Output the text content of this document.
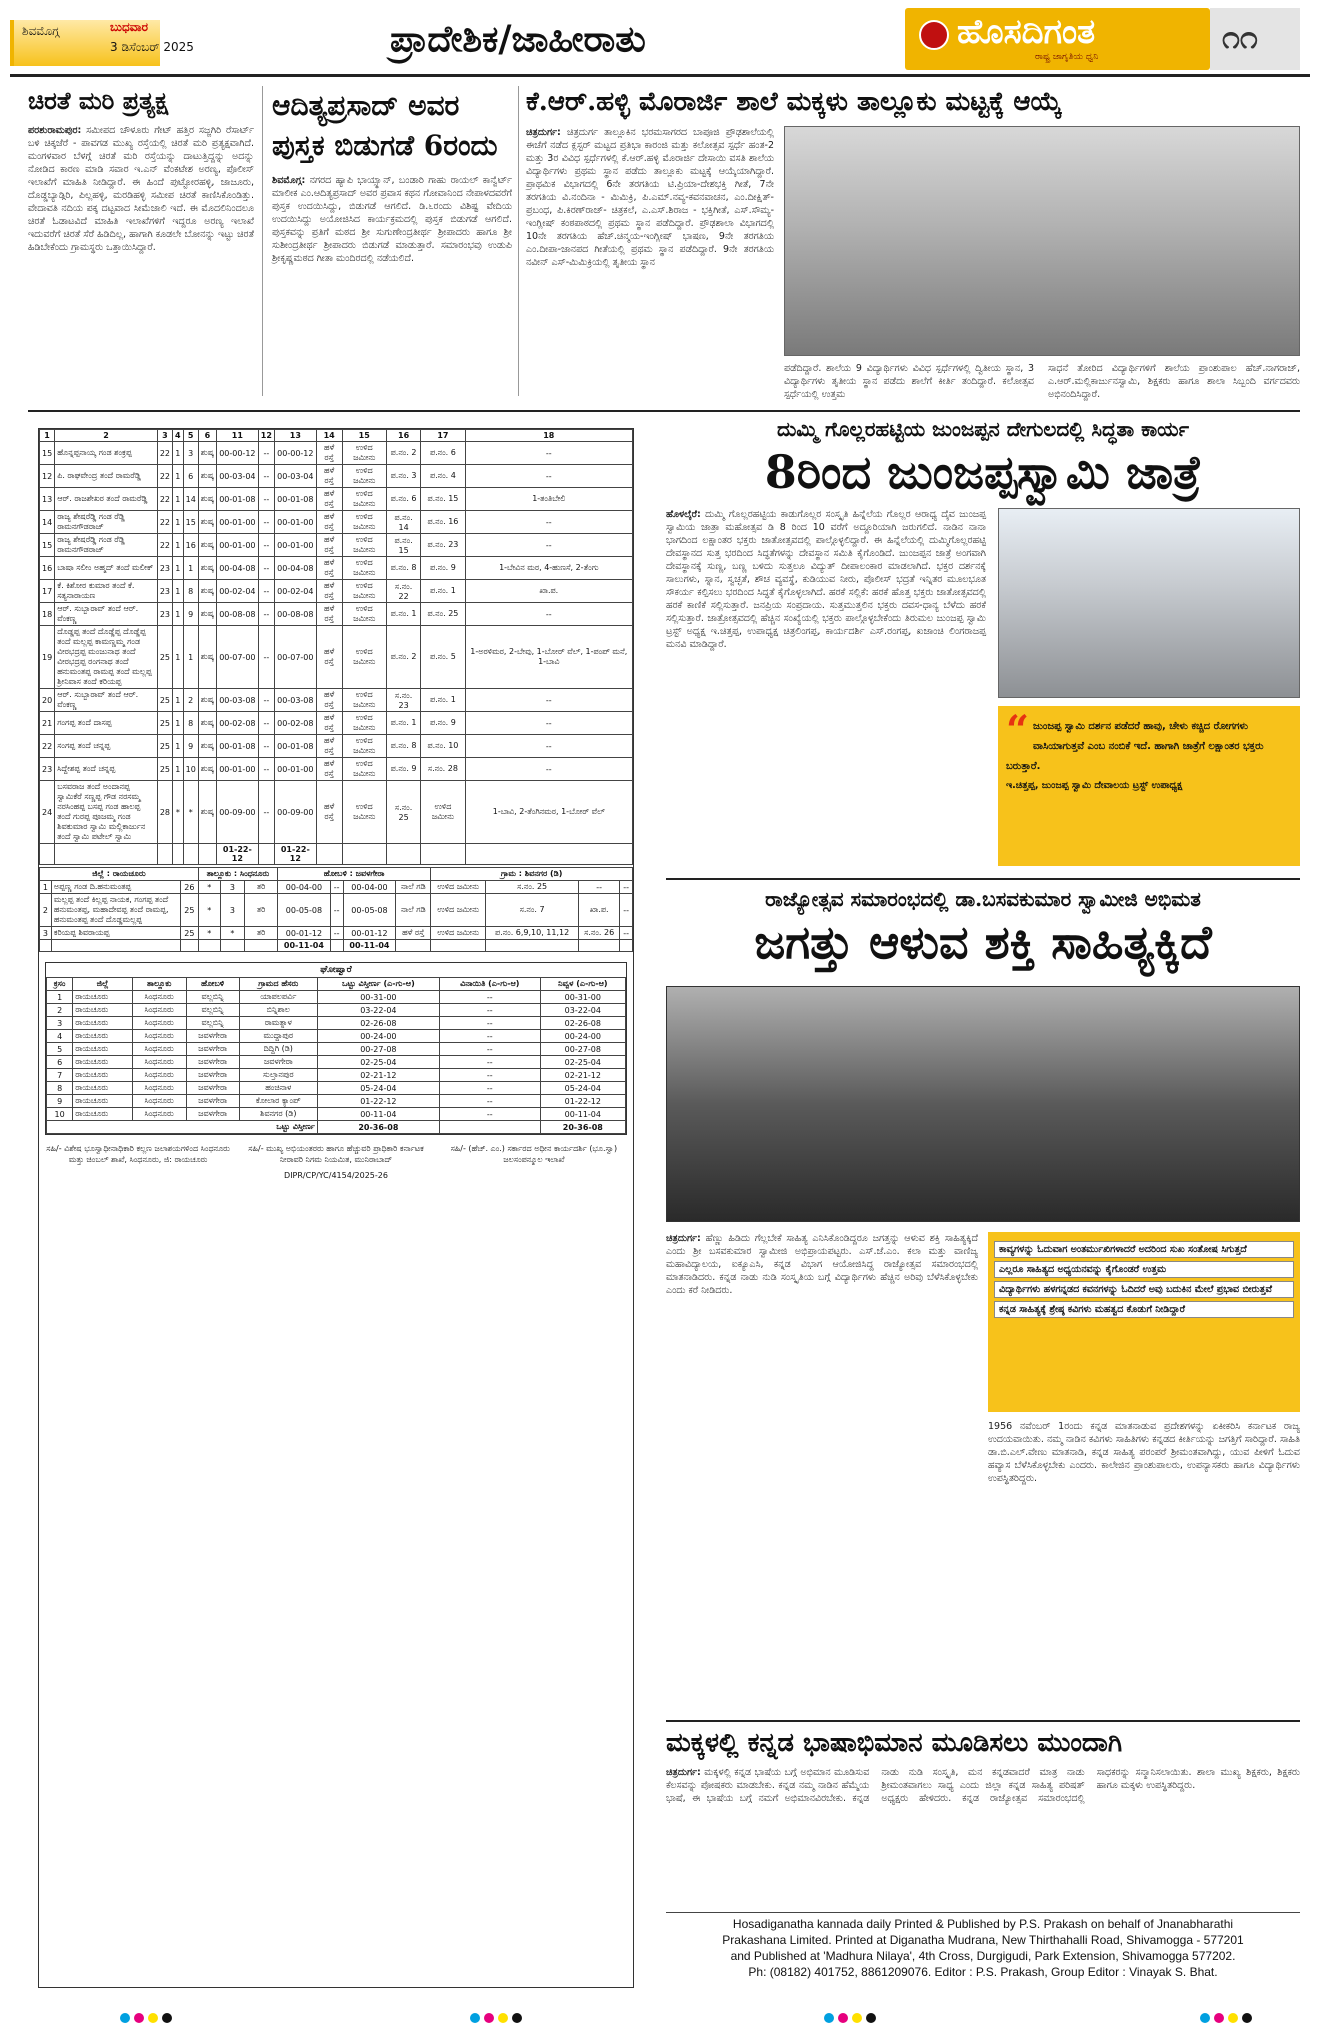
ಶಿವಮೊಗ್ಗ	ಬುಧವಾರ
3 ಡಿಸೆಂಬರ್ 2025	ಪ್ರಾದೇಶಿಕ/ಜಾಹೀರಾತು	ಹೊಸದಿಗಂತ
ರಾಷ್ಟ್ರ ಜಾಗೃತಿಯ ಧ್ವನಿ
೧೧
ಚಿರತೆ ಮರಿ ಪ್ರತ್ಯಕ್ಷ
ಪರಶುರಾಮಪುರ: ಸಮೀಪದ ಚೌಳೂರು ಗೇಟ್ ಹತ್ತಿರ ಸಜ್ಜಗಿರಿ ರೆಸಾರ್ಟ್ ಬಳಿ ಚಿಕ್ಕಜೆರೆ - ಪಾವಗಡ ಮುಖ್ಯ ರಸ್ತೆಯಲ್ಲಿ ಚಿರತೆ ಮರಿ ಪ್ರತ್ಯಕ್ಷವಾಗಿದೆ. ಮಂಗಳವಾರ ಬೆಳಗ್ಗೆ ಚಿರತೆ ಮರಿ ರಸ್ತೆಯನ್ನು ದಾಟುತ್ತಿದ್ದನ್ನು ಅದನ್ನು ನೋಡಿದ ಕಾರಣ ಮಾಡಿ ಸವಾರ ಇ.ಎನ್ ವೆಂಕಟೇಶ ಅರಣ್ಯ, ಪೊಲೀಸ್ ಇಲಾಖೆಗೆ ಮಾಹಿತಿ ನೀಡಿದ್ದಾರೆ. ಈ ಹಿಂದೆ ಪುಟ್ಟೋರಹಳ್ಳಿ, ಜಾಜೂರು, ದೊಡ್ಡಬ್ಯಾಡ್ಗಿರಿ, ಪಿಲ್ಲಹಳ್ಳಿ, ಮರಡಿಹಳ್ಳಿ ಸಮೀಪ ಚಿರತೆ ಕಾಣಿಸಿಕೊಂಡಿತ್ತು. ವೇದಾವತಿ ನದಿಯ ಪಕ್ಕ ದಟ್ಟವಾದ ಸೀಮೆಜಾಲಿ ಇದೆ. ಈ ಮೊದಲಿನಿಂದಲೂ ಚಿರತೆ ಓಡಾಟವಿದೆ ಮಾಹಿತಿ ಇಲಾಖೆಗಳಿಗೆ ಇದ್ದರೂ ಅರಣ್ಯ ಇಲಾಖೆ ಇದುವರೆಗೆ ಚಿರತೆ ಸೆರೆ ಹಿಡಿದಿಲ್ಲ, ಹಾಗಾಗಿ ಕೂಡಲೇ ಬೋನನ್ನು ಇಟ್ಟು ಚಿರತೆ ಹಿಡಿಬೇಕೆಂದು ಗ್ರಾಮಸ್ಥರು ಒತ್ತಾಯಿಸಿದ್ದಾರೆ.
ಆದಿತ್ಯಪ್ರಸಾದ್ ಅವರ ಪುಸ್ತಕ ಬಿಡುಗಡೆ 6ರಂದು
ಶಿವಮೊಗ್ಗ: ನಗರದ ಹ್ಯಾಪಿ ಭಾಯ್ಸ್ಥಾನ್, ಬಂಡಾರಿ ಗಾಹು ರಾಯಲ್ ಕಾನ್ವೆರ್ಟ್ ಮಾಲೀಕ ಎಂ.ಆದಿತ್ಯಪ್ರಸಾದ್ ಅವರ ಪ್ರವಾಸ ಕಥನ ಗೋವಾನಿಂದ ನೇಪಾಳದವರೆಗೆ ಪುಸ್ತಕ ಉದಯಿಸಿದ್ದು, ಬಿಡುಗಡೆ ಆಗಲಿದೆ. ಡಿ.೬ರಂದು ವಿಶಿಷ್ಟ ವೇದಿಯ ಉದಯಿಸಿದ್ದು ಅಯೋಜಿಸಿದ ಕಾರ್ಯಕ್ರಮದಲ್ಲಿ ಪುಸ್ತಕ ಬಿಡುಗಡೆ ಆಗಲಿದೆ. ಪುಸ್ತಕವನ್ನು ಪ್ರತಿಗೆ ಮಠದ ಶ್ರೀ ಸುಗುಣೇಂದ್ರತೀರ್ಥ ಶ್ರೀಪಾದರು ಹಾಗೂ ಶ್ರೀ ಸುಶೀಂದ್ರತೀರ್ಥ ಶ್ರೀಪಾದರು ಬಿಡುಗಡೆ ಮಾಡುತ್ತಾರೆ. ಸಮಾರಂಭವು ಉಡುಪಿ ಶ್ರೀಕೃಷ್ಣಮಠದ ಗೀತಾ ಮಂದಿರದಲ್ಲಿ ನಡೆಯಲಿದೆ.
ಕೆ.ಆರ್.ಹಳ್ಳಿ ಮೊರಾರ್ಜಿ ಶಾಲೆ ಮಕ್ಕಳು ತಾಲ್ಲೂಕು ಮಟ್ಟಕ್ಕೆ ಆಯ್ಕೆ
ಚಿತ್ರದುರ್ಗ: ಚಿತ್ರದುರ್ಗ ತಾಲ್ಲೂಕಿನ ಭರಮಸಾಗರದ ಬಾಪೂಜಿ ಪ್ರೌಢಶಾಲೆಯಲ್ಲಿ ಈಚೆಗೆ ನಡೆದ ಕ್ಲಸ್ಟರ್ ಮಟ್ಟದ ಪ್ರತಿಭಾ ಕಾರಂಜಿ ಮತ್ತು ಕಲೋತ್ಸವ ಸ್ಪರ್ಧೆ ಹಂತ-2 ಮತ್ತು 3ರ ವಿವಿಧ ಸ್ಪರ್ಧೆಗಳಲ್ಲಿ ಕೆ.ಆರ್.ಹಳ್ಳಿ ಮೊರಾರ್ಜಿ ದೇಸಾಯಿ ವಸತಿ ಶಾಲೆಯ ವಿದ್ಯಾರ್ಥಿಗಳು ಪ್ರಥಮ ಸ್ಥಾನ ಪಡೆದು ತಾಲ್ಲೂಕು ಮಟ್ಟಕ್ಕೆ ಆಯ್ಕೆಯಾಗಿದ್ದಾರೆ. ಪ್ರಾಥಮಿಕ ವಿಭಾಗದಲ್ಲಿ 6ನೇ ತರಗತಿಯ ಟಿ.ಪ್ರಿಯಾ-ದೇಶಭಕ್ತಿ ಗೀತೆ, 7ನೇ ತರಗತಿಯ ವಿ.ನಂದಿನಾ - ಮಿಮಿಕ್ರಿ, ಪಿ.ಎಮ್.ನವ್ಯ-ಕವನವಾಚನ, ಎಂ.ದೀಕ್ಷಿತ್- ಪ್ರಬಂಧ, ಪಿ.ಕಿರಣ್‌ರಾಜ್- ಚಿತ್ರಕಲೆ, ಎ.ಎಸ್.ಶಿರಾಜ - ಭಕ್ತಿಗೀತೆ, ಎಸ್.ಸೌಮ್ಯ- ಇಂಗ್ಲೀಷ್ ಕಂಠಪಾಠದಲ್ಲಿ ಪ್ರಥಮ ಸ್ಥಾನ ಪಡೆದಿದ್ದಾರೆ. ಪ್ರೌಢಶಾಲಾ ವಿಭಾಗದಲ್ಲಿ 10ನೇ ತರಗತಿಯ ಹೆಚ್.ಚಿನ್ಮಯ-ಇಂಗ್ಲೀಷ್ ಭಾಷಣ, 9ನೇ ತರಗತಿಯ ಎಂ.ದೀಪಾ-ಜಾನಪದ ಗೀತೆಯಲ್ಲಿ ಪ್ರಥಮ ಸ್ಥಾನ ಪಡೆದಿದ್ದಾರೆ. 9ನೇ ತರಗತಿಯ ನವೀನ್ ಎಸ್-ಮಿಮಿಕ್ರಿಯಲ್ಲಿ ತೃತೀಯ ಸ್ಥಾನ
ಪಡೆದಿದ್ದಾರೆ. ಶಾಲೆಯ 9 ವಿದ್ಯಾರ್ಥಿಗಳು ವಿವಿಧ ಸ್ಪರ್ಧೆಗಳಲ್ಲಿ ದ್ವಿತೀಯ ಸ್ಥಾನ, 3 ವಿದ್ಯಾರ್ಥಿಗಳು ತೃತೀಯ ಸ್ಥಾನ ಪಡೆದು ಶಾಲೆಗೆ ಕೀರ್ತಿ ತಂದಿದ್ದಾರೆ. ಕಲೋತ್ಸವ ಸ್ಪರ್ಧೆಯಲ್ಲಿ ಉತ್ತಮ
ಸಾಧನೆ ತೋರಿದ ವಿದ್ಯಾರ್ಥಿಗಳಿಗೆ ಶಾಲೆಯ ಪ್ರಾಂಶುಪಾಲ ಹೆಚ್.ನಾಗರಾಜ್, ಎ.ಆರ್.ಮಲ್ಲಿಕಾರ್ಜುನಸ್ವಾಮಿ, ಶಿಕ್ಷಕರು ಹಾಗೂ ಶಾಲಾ ಸಿಬ್ಬಂದಿ ವರ್ಗದವರು ಅಭಿನಂದಿಸಿದ್ದಾರೆ.
1	2	3	4	5	6	11	12	13	14	15	16	17	18
15	ಹೊನ್ನಪ್ಪನಾಯ್ಕ ಗಂಡ ಶಂಕ್ರಪ್ಪ	22	1	3	ಶುಷ್ಕ	00-00-12	--	00-00-12	ಹಳೆ ರಸ್ತೆ	ಉಳಿದ ಜಮೀನು	ಪ.ನಂ. 2	ಪ.ನಂ. 6	--
12	ಪಿ. ರಾಘವೇಂದ್ರ ತಂದೆ ರಾಮರೆಡ್ಡಿ	22	1	6	ಶುಷ್ಕ	00-03-04	--	00-03-04	ಹಳೆ ರಸ್ತೆ	ಉಳಿದ ಜಮೀನು	ಪ.ನಂ. 3	ಪ.ನಂ. 4	--
13	ಆರ್. ರಾಜಶೇಖರ ತಂದೆ ರಾಮರೆಡ್ಡಿ	22	1	14	ಶುಷ್ಕ	00-01-08	--	00-01-08	ಹಳೆ ರಸ್ತೆ	ಉಳಿದ ಜಮೀನು	ಪ.ನಂ. 6	ಪ.ನಂ. 15	1-ತಂತಿಬೇಲಿ
14	ರಾಜ್ಯ ಶೇಷರೆಡ್ಡಿ ಗಂಡ ರೆಡ್ಡಿ ರಾಮನಗೌಡರಾಜ್	22	1	15	ಶುಷ್ಕ	00-01-00	--	00-01-00	ಹಳೆ ರಸ್ತೆ	ಉಳಿದ ಜಮೀನು	ಪ.ನಂ. 14	ಪ.ನಂ. 16	--
15	ರಾಜ್ಯ ಶೇಷರೆಡ್ಡಿ ಗಂಡ ರೆಡ್ಡಿ ರಾಮನಗೌಡರಾಜ್	22	1	16	ಶುಷ್ಕ	00-01-00	--	00-01-00	ಹಳೆ ರಸ್ತೆ	ಉಳಿದ ಜಮೀನು	ಪ.ನಂ. 15	ಪ.ನಂ. 23	--
16	ಬಾಷಾ ಸಲೀಂ ಅಹ್ಮದ್ ತಂದೆ ಮಲೀಕ್	23	1	1	ಶುಷ್ಕ	00-04-08	--	00-04-08	ಹಳೆ ರಸ್ತೆ	ಉಳಿದ ಜಮೀನು	ಪ.ನಂ. 8	ಪ.ನಂ. 9	1-ಬೇವಿನ ಮರ, 4-ಹುಣಸೆ, 2-ತೆಂಗು
17	ಕೆ. ಕಿಶೋರ ಕುಮಾರ ತಂದೆ ಕೆ. ಸತ್ಯನಾರಾಯಣ	23	1	8	ಶುಷ್ಕ	00-02-04	--	00-02-04	ಹಳೆ ರಸ್ತೆ	ಉಳಿದ ಜಮೀನು	ಸ.ನಂ. 22	ಪ.ನಂ. 1	ಖಾ.ಪ.
18	ಆರ್. ಸುಬ್ಬಾರಾವ್ ತಂದೆ ಆರ್. ವೆಂಕಣ್ಣ	23	1	9	ಶುಷ್ಕ	00-08-08	--	00-08-08	ಹಳೆ ರಸ್ತೆ	ಉಳಿದ ಜಮೀನು	ಪ.ನಂ. 1	ಪ.ನಂ. 25	--
19	ದೊಡ್ಡಪ್ಪ ತಂದೆ ದೊಡ್ಡೆಪ್ಪ ದೊಡ್ಡೆಪ್ಪ ತಂದೆ ಮಲ್ಲಪ್ಪ ಕಾಮಣ್ಣಮ್ಮ ಗಂಡ ವೀರಭದ್ರಪ್ಪ ಮಂಜುನಾಥ ತಂದೆ ವೀರಭದ್ರಪ್ಪ ರಂಗನಾಥ ತಂದೆ ಹನುಮಂತಪ್ಪ ರಾಮಪ್ಪ ತಂದೆ ಮಲ್ಲಪ್ಪ ಶ್ರೀನಿವಾಸ ತಂದೆ ಕರಿಯಪ್ಪ	25	1	1	ಶುಷ್ಕ	00-07-00	--	00-07-00	ಹಳೆ ರಸ್ತೆ	ಉಳಿದ ಜಮೀನು	ಪ.ನಂ. 2	ಪ.ನಂ. 5	1-ಅರಳಿಮರ, 2-ಬೇವು, 1-ಬೋರ್ ವೆಲ್, 1-ಪಂಪ್ ಮನೆ, 1-ಬಾವಿ
20	ಆರ್. ಸುಬ್ಬಾರಾವ್ ತಂದೆ ಆರ್. ವೆಂಕಣ್ಣ	25	1	2	ಶುಷ್ಕ	00-03-08	--	00-03-08	ಹಳೆ ರಸ್ತೆ	ಉಳಿದ ಜಮೀನು	ಸ.ನಂ. 23	ಪ.ನಂ. 1	--
21	ಗಂಗಪ್ಪ ತಂದೆ ದಾಸಪ್ಪ	25	1	8	ಶುಷ್ಕ	00-02-08	--	00-02-08	ಹಳೆ ರಸ್ತೆ	ಉಳಿದ ಜಮೀನು	ಪ.ನಂ. 1	ಪ.ನಂ. 9	--
22	ಸಂಗಪ್ಪ ತಂದೆ ಚನ್ನಪ್ಪ	25	1	9	ಶುಷ್ಕ	00-01-08	--	00-01-08	ಹಳೆ ರಸ್ತೆ	ಉಳಿದ ಜಮೀನು	ಪ.ನಂ. 8	ಪ.ನಂ. 10	--
23	ಸಿದ್ದೇಶಪ್ಪ ತಂದೆ ಚನ್ನಪ್ಪ	25	1	10	ಶುಷ್ಕ	00-01-00	--	00-01-00	ಹಳೆ ರಸ್ತೆ	ಉಳಿದ ಜಮೀನು	ಪ.ನಂ. 9	ಸ.ನಂ. 28	--
24	ಬಸವರಾಜ ತಂದೆ ಅಂದಾನಪ್ಪ ಸ್ವಾಮಿಕೆರೆ ಸಣ್ಣಪ್ಪ ಗೌಡ ನರಸಮ್ಮ ನರಸಿಂಹಪ್ಪ ಬಸಪ್ಪ ಗಂಡ ಹಾಲಪ್ಪ ತಂದೆ ಗುರಪ್ಪ ಪೂಜಮ್ಮ ಗಂಡ ಶಿವಕುಮಾರ ಸ್ವಾಮಿ ಮಲ್ಲಿಕಾರ್ಜುನ ತಂದೆ ಸ್ವಾಮಿ ಪಟೇಲ್ ಸ್ವಾಮಿ	28	*	*	ಶುಷ್ಕ	00-09-00	--	00-09-00	ಹಳೆ ರಸ್ತೆ	ಉಳಿದ ಜಮೀನು	ಸ.ನಂ. 25	ಉಳಿದ ಜಮೀನು	1-ಬಾವಿ, 2-ತೆಂಗಿನಮರ, 1-ಬೋರ್ ವೆಲ್
						01-22-12		01-22-12					
ಜಿಲ್ಲೆ : ರಾಯಚೂರು			ತಾಲ್ಲೂಕು : ಸಿಂಧನೂರು			ಹೋಬಳಿ : ಜವಳಗೇರಾ				ಗ್ರಾಮ : ಶಿವನಗರ (ಡಿ)			
1	ಅಪ್ಪಣ್ಣ ಗಂಡ ದಿ.ಹನುಮಂತಪ್ಪ	26	*	3	ತರಿ	00-04-00	--	00-04-00	ನಾಲೆ ಗಡಿ	ಉಳಿದ ಜಮೀನು	ಸ.ನಂ. 25	--	--
2	ಮಲ್ಲಪ್ಪ ತಂದೆ ಕಿಲ್ಲಪ್ಪ ನಾಯಕ, ಗಂಗಪ್ಪ ತಂದೆ ಹನುಮಂತಪ್ಪ, ಮಹಾದೇವಪ್ಪ ತಂದೆ ರಾಮಪ್ಪ, ಹನುಮಂತಪ್ಪ ತಂದೆ ದೊಡ್ಡಮಲ್ಲಪ್ಪ	25	*	3	ತರಿ	00-05-08	--	00-05-08	ನಾಲೆ ಗಡಿ	ಉಳಿದ ಜಮೀನು	ಸ.ನಂ. 7	ಖಾ.ಪ.	--
3	ಕರಿಯಪ್ಪ ಶಿವರಾಯಪ್ಪ	25	*	*	ತರಿ	00-01-12	--	00-01-12	ಹಳೆ ರಸ್ತೆ	ಉಳಿದ ಜಮೀನು	ಪ.ನಂ. 6,9,10, 11,12	ಸ.ನಂ. 26	--
						00-11-04		00-11-04					
ಘೋಷ್ವಾರೆ
ಕ್ರಸಂ	ಜಿಲ್ಲೆ	ತಾಲ್ಲೂಕು	ಹೋಬಳಿ	ಗ್ರಾಮದ ಹೆಸರು	ಒಟ್ಟು ವಿಸ್ತೀರ್ಣ (ಎ-ಗು-ಆ)	ವಿನಾಯಿತಿ (ಎ-ಗು-ಆ)	ನಿವ್ವಳ (ಎ-ಗು-ಆ)
1	ರಾಯಚೂರು	ಸಿಂಧನೂರು	ವಲ್ಲಬಿನ್ನಿ	ಯಾಪಲಪರ್ವಿ	00-31-00	--	00-31-00
2	ರಾಯಚೂರು	ಸಿಂಧನೂರು	ವಲ್ಲಬಿನ್ನಿ	ಬಿನ್ನಿಶಾಲ	03-22-04	--	03-22-04
3	ರಾಯಚೂರು	ಸಿಂಧನೂರು	ವಲ್ಲಬಿನ್ನಿ	ರಾಮತ್ನಾಳ	02-26-08	--	02-26-08
4	ರಾಯಚೂರು	ಸಿಂಧನೂರು	ಜವಳಗೇರಾ	ಮುದ್ದಾಪುರ	00-24-00	--	00-24-00
5	ರಾಯಚೂರು	ಸಿಂಧನೂರು	ಜವಳಗೇರಾ	ದಿದ್ದಿಗಿ (ಡಿ)	00-27-08	--	00-27-08
6	ರಾಯಚೂರು	ಸಿಂಧನೂರು	ಜವಳಗೇರಾ	ಜವಳಗೇರಾ	02-25-04	--	02-25-04
7	ರಾಯಚೂರು	ಸಿಂಧನೂರು	ಜವಳಗೇರಾ	ಸುಲ್ತಾನಪುರ	02-21-12	--	02-21-12
8	ರಾಯಚೂರು	ಸಿಂಧನೂರು	ಜವಳಗೇರಾ	ಹಂಚಿನಾಳ	05-24-04	--	05-24-04
9	ರಾಯಚೂರು	ಸಿಂಧನೂರು	ಜವಳಗೇರಾ	ಕೋಲಾರ ಕ್ಯಾಂಪ್	01-22-12	--	01-22-12
10	ರಾಯಚೂರು	ಸಿಂಧನೂರು	ಜವಳಗೇರಾ	ಶಿವನಗರ (ಡಿ)	00-11-04	--	00-11-04
ಒಟ್ಟು ವಿಸ್ತೀರ್ಣ					20-36-08		20-36-08
ಸಹಿ/- ವಿಶೇಷ ಭೂಸ್ವಾಧೀನಾಧಿಕಾರಿ ಕಲ್ಲಣ ಜಲಾಶಯಗಳಿಂದ ಸಿಂಧನೂರು ಮತ್ತು ಚಿಂಬಲ್ ಶಾಖೆ, ಸಿಂಧನೂರು, ಜಿ: ರಾಯಚೂರು
ಸಹಿ/- ಮುಖ್ಯ ಅಭಿಯಂತರರು ಹಾಗೂ ಹೆಚ್ಚುವರಿ ಪ್ರಾಧಿಕಾರಿ ಕರ್ನಾಟಕ ನೀರಾವರಿ ನಿಗಮ ನಿಯಮಿತ, ಮುನಿರಾಬಾದ್
ಸಹಿ/- (ಹೆಚ್. ಎಂ.) ಸರ್ಕಾರದ ಅಧೀನ ಕಾರ್ಯದರ್ಶಿ (ಭೂ.ಸ್ವಾ) ಜಲಸಂಪನ್ಮೂಲ ಇಲಾಖೆ
DIPR/CP/YC/4154/2025-26
ದುಮ್ಮಿ ಗೊಲ್ಲರಹಟ್ಟಿಯ ಜುಂಜಪ್ಪನ ದೇಗುಲದಲ್ಲಿ ಸಿದ್ಧತಾ ಕಾರ್ಯ
8ರಿಂದ ಜುಂಜಪ್ಪಸ್ವಾಮಿ ಜಾತ್ರೆ
ಹೊಳಲ್ಕೆರೆ: ದುಮ್ಮಿ ಗೊಲ್ಲರಹಟ್ಟಿಯ ಕಾಡುಗೊಲ್ಲರ ಸಂಸ್ಕೃತಿ ಹಿನ್ನೆಲೆಯ ಗೊಲ್ಲರ ಆರಾಧ್ಯ ದೈವ ಜುಂಜಪ್ಪ ಸ್ವಾಮಿಯ ಜಾತ್ರಾ ಮಹೋತ್ಸವ ಡಿ 8 ರಿಂದ 10 ವರೆಗೆ ಅದ್ದೂರಿಯಾಗಿ ಜರುಗಲಿದೆ. ನಾಡಿನ ನಾನಾ ಭಾಗದಿಂದ ಲಕ್ಷಾಂತರ ಭಕ್ತರು ಜಾತೋತ್ಸವದಲ್ಲಿ ಪಾಲ್ಗೊಳ್ಳಲಿದ್ದಾರೆ. ಈ ಹಿನ್ನೆಲೆಯಲ್ಲಿ ದುಮ್ಮಿಗೊಲ್ಲರಹಟ್ಟಿ ದೇವಸ್ಥಾನದ ಸುತ್ತ ಭರದಿಂದ ಸಿದ್ಧತೆಗಳನ್ನು ದೇವಸ್ಥಾನ ಸಮಿತಿ ಕೈಗೊಂಡಿದೆ. ಜುಂಜಪ್ಪನ ಜಾತ್ರೆ ಅಂಗವಾಗಿ ದೇವಸ್ಥಾನಕ್ಕೆ ಸುಣ್ಣ, ಬಣ್ಣ ಬಳಿದು ಸುತ್ತಲೂ ವಿದ್ಯುತ್ ದೀಪಾಲಂಕಾರ ಮಾಡಲಾಗಿದೆ. ಭಕ್ತರ ದರ್ಶನಕ್ಕೆ ಸಾಲುಗಳು, ಸ್ನಾನ, ಸ್ವಚ್ಛತೆ, ಶೌಚ ವ್ಯವಸ್ಥೆ, ಕುಡಿಯುವ ನೀರು, ಪೊಲೀಸ್ ಭದ್ರತೆ ಇನ್ನಿತರ ಮೂಲಭೂತ ಸೌಕರ್ಯ ಕಲ್ಪಿಸಲು ಭರದಿಂದ ಸಿದ್ಧತೆ ಕೈಗೊಳ್ಳಲಾಗಿದೆ. ಹರಕೆ ಸಲ್ಲಿಕೆ: ಹರಕೆ ಹೊತ್ತ ಭಕ್ತರು ಜಾತೋತ್ಸವದಲ್ಲಿ ಹರಕೆ ಕಾಣಿಕೆ ಸಲ್ಲಿಸುತ್ತಾರೆ. ಜನಪ್ರಿಯ ಸಂಪ್ರದಾಯ. ಸುತ್ತಮುತ್ತಲಿನ ಭಕ್ತರು ದವಸ-ಧಾನ್ಯ ಬೆಳೆದು ಹರಕೆ ಸಲ್ಲಿಸುತ್ತಾರೆ. ಜಾತ್ರೋತ್ಸವದಲ್ಲಿ ಹೆಚ್ಚಿನ ಸಂಖ್ಯೆಯಲ್ಲಿ ಭಕ್ತರು ಪಾಲ್ಗೊಳ್ಳಬೇಕೆಂದು ತಿರುಮಲ ಜುಂಜಪ್ಪ ಸ್ವಾಮಿ ಟ್ರಸ್ಟ್ ಅಧ್ಯಕ್ಷ ಇ.ಚಿತ್ತಪ್ಪ, ಉಪಾಧ್ಯಕ್ಷ ಚಿತ್ರಲಿಂಗಪ್ಪ, ಕಾರ್ಯದರ್ಶಿ ಎಸ್.ರಂಗಪ್ಪ, ಖಜಾಂಚಿ ಲಿಂಗರಾಜಪ್ಪ ಮನವಿ ಮಾಡಿದ್ದಾರೆ.
“ ಜುಂಜಪ್ಪ ಸ್ವಾಮಿ ದರ್ಶನ ಪಡೆದರೆ ಹಾವು, ಚೇಳು ಕಚ್ಚಿದ ರೋಗಗಳು ವಾಸಿಯಾಗುತ್ತವೆ ಎಂಬ ನಂಬಿಕೆ ಇದೆ. ಹಾಗಾಗಿ ಜಾತ್ರೆಗೆ ಲಕ್ಷಾಂತರ ಭಕ್ತರು ಬರುತ್ತಾರೆ.
ಇ.ಚಿತ್ತಪ್ಪ, ಜುಂಜಪ್ಪ ಸ್ವಾಮಿ ದೇವಾಲಯ ಟ್ರಸ್ಟ್ ಉಪಾಧ್ಯಕ್ಷ
ರಾಜ್ಯೋತ್ಸವ ಸಮಾರಂಭದಲ್ಲಿ ಡಾ.ಬಸವಕುಮಾರ ಸ್ವಾಮೀಜಿ ಅಭಿಮತ
ಜಗತ್ತು ಆಳುವ ಶಕ್ತಿ ಸಾಹಿತ್ಯಕ್ಕಿದೆ
ಚಿತ್ರದುರ್ಗ: ಹೆಣ್ಣು ಹಿಡಿದು ಗೆಲ್ಲಬೇಕೆ ಸಾಹಿತ್ಯ ಎನಿಸಿಕೊಂಡಿದ್ದರೂ ಜಗತ್ತನ್ನು ಆಳುವ ಶಕ್ತಿ ಸಾಹಿತ್ಯಕ್ಕಿದೆ ಎಂದು ಶ್ರೀ ಬಸವಕುಮಾರ ಸ್ವಾಮೀಜಿ ಅಭಿಪ್ರಾಯಪಟ್ಟರು. ಎಸ್.ಜೆ.ಎಂ. ಕಲಾ ಮತ್ತು ವಾಣಿಜ್ಯ ಮಹಾವಿದ್ಯಾಲಯ, ಐಕ್ಯೂಎಸಿ, ಕನ್ನಡ ವಿಭಾಗ ಆಯೋಜಿಸಿದ್ದ ರಾಜ್ಯೋತ್ಸವ ಸಮಾರಂಭದಲ್ಲಿ ಮಾತನಾಡಿದರು. ಕನ್ನಡ ನಾಡು ನುಡಿ ಸಂಸ್ಕೃತಿಯ ಬಗ್ಗೆ ವಿದ್ಯಾರ್ಥಿಗಳು ಹೆಚ್ಚಿನ ಅರಿವು ಬೆಳೆಸಿಕೊಳ್ಳಬೇಕು ಎಂದು ಕರೆ ನೀಡಿದರು.
ಕಾವ್ಯಗಳನ್ನು ಓದುವಾಗ ಅಂತರ್ಮುಖಿಗಳಾದರೆ ಅದರಿಂದ ಸುಖ ಸಂತೋಷ ಸಿಗುತ್ತದೆ
ಎಲ್ಲರೂ ಸಾಹಿತ್ಯದ ಅಧ್ಯಯನವನ್ನು ಕೈಗೊಂಡರೆ ಉತ್ತಮ
ವಿದ್ಯಾರ್ಥಿಗಳು ಹಳಗನ್ನಡದ ಕವನಗಳನ್ನು ಓದಿದರೆ ಅವು ಬದುಕಿನ ಮೇಲೆ ಪ್ರಭಾವ ಬೀರುತ್ತವೆ
ಕನ್ನಡ ಸಾಹಿತ್ಯಕ್ಕೆ ಶ್ರೇಷ್ಠ ಕವಿಗಳು ಮಹತ್ವದ ಕೊಡುಗೆ ನೀಡಿದ್ದಾರೆ
1956 ನವೆಂಬರ್ 1ರಂದು ಕನ್ನಡ ಮಾತನಾಡುವ ಪ್ರದೇಶಗಳನ್ನು ಏಕೀಕರಿಸಿ ಕರ್ನಾಟಕ ರಾಜ್ಯ ಉದಯವಾಯಿತು. ನಮ್ಮ ನಾಡಿನ ಕವಿಗಳು ಸಾಹಿತಿಗಳು ಕನ್ನಡದ ಕೀರ್ತಿಯನ್ನು ಜಗತ್ತಿಗೆ ಸಾರಿದ್ದಾರೆ. ಸಾಹಿತಿ ಡಾ.ಬಿ.ಎಲ್.ವೇಣು ಮಾತನಾಡಿ, ಕನ್ನಡ ಸಾಹಿತ್ಯ ಪರಂಪರೆ ಶ್ರೀಮಂತವಾಗಿದ್ದು, ಯುವ ಪೀಳಿಗೆ ಓದುವ ಹವ್ಯಾಸ ಬೆಳೆಸಿಕೊಳ್ಳಬೇಕು ಎಂದರು. ಕಾಲೇಜಿನ ಪ್ರಾಂಶುಪಾಲರು, ಉಪನ್ಯಾಸಕರು ಹಾಗೂ ವಿದ್ಯಾರ್ಥಿಗಳು ಉಪಸ್ಥಿತರಿದ್ದರು.
ಮಕ್ಕಳಲ್ಲಿ ಕನ್ನಡ ಭಾಷಾಭಿಮಾನ ಮೂಡಿಸಲು ಮುಂದಾಗಿ
ಚಿತ್ರದುರ್ಗ: ಮಕ್ಕಳಲ್ಲಿ ಕನ್ನಡ ಭಾಷೆಯ ಬಗ್ಗೆ ಅಭಿಮಾನ ಮೂಡಿಸುವ ಕೆಲಸವನ್ನು ಪೋಷಕರು ಮಾಡಬೇಕು. ಕನ್ನಡ ನಮ್ಮ ನಾಡಿನ ಹೆಮ್ಮೆಯ ಭಾಷೆ, ಈ ಭಾಷೆಯ ಬಗ್ಗೆ ನಮಗೆ ಅಭಿಮಾನವಿರಬೇಕು. ಕನ್ನಡ ನಾಡು ನುಡಿ ಸಂಸ್ಕೃತಿ, ಮನ ಕನ್ನಡವಾದರೆ ಮಾತ್ರ ನಾಡು ಶ್ರೀಮಂತವಾಗಲು ಸಾಧ್ಯ ಎಂದು ಜಿಲ್ಲಾ ಕನ್ನಡ ಸಾಹಿತ್ಯ ಪರಿಷತ್ ಅಧ್ಯಕ್ಷರು ಹೇಳಿದರು. ಕನ್ನಡ ರಾಜ್ಯೋತ್ಸವ ಸಮಾರಂಭದಲ್ಲಿ ಸಾಧಕರನ್ನು ಸನ್ಮಾನಿಸಲಾಯಿತು. ಶಾಲಾ ಮುಖ್ಯ ಶಿಕ್ಷಕರು, ಶಿಕ್ಷಕರು ಹಾಗೂ ಮಕ್ಕಳು ಉಪಸ್ಥಿತರಿದ್ದರು.
Hosadiganatha kannada daily Printed & Published by P.S. Prakash on behalf of Jnanabharathi
Prakashana Limited. Printed at Diganatha Mudrana, New Thirthahalli Road, Shivamogga - 577201
and Published at 'Madhura Nilaya', 4th Cross, Durgigudi, Park Extension, Shivamogga 577202.
Ph: (08182) 401752, 8861209076. Editor : P.S. Prakash, Group Editor : Vinayak S. Bhat.
